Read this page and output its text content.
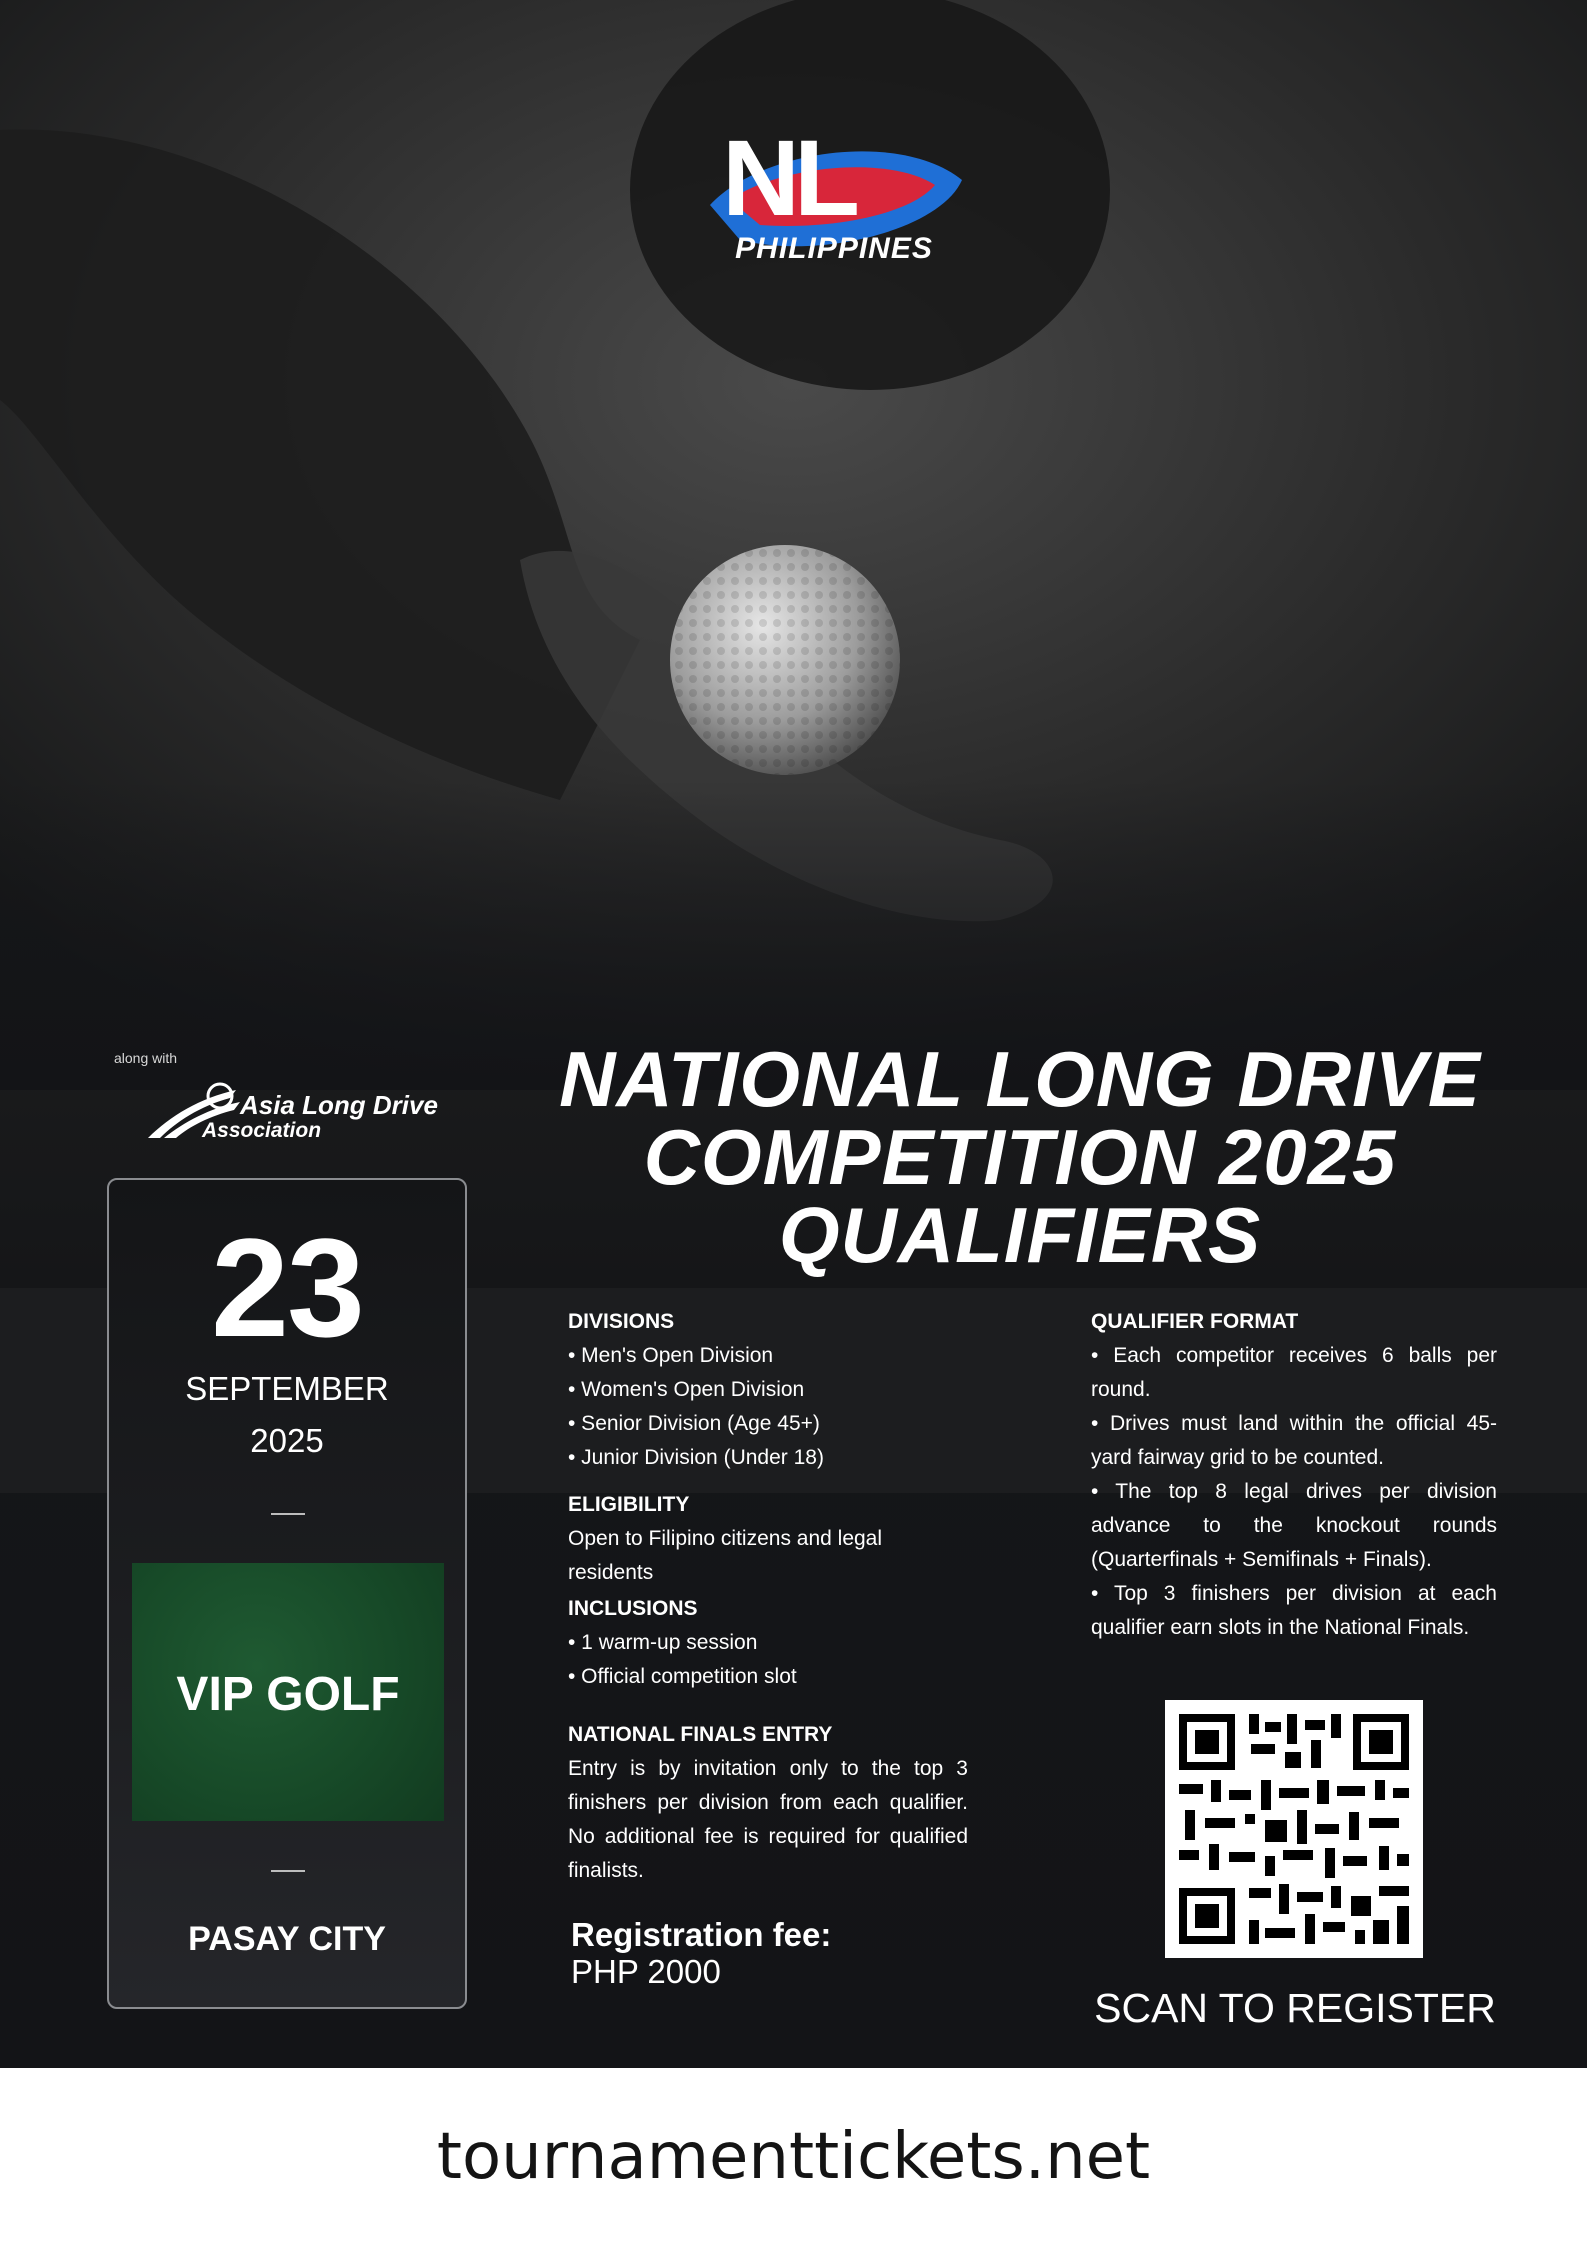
NL
PHILIPPINES
along with
Asia Long Drive
Association
23
SEPTEMBER
2025
VIP GOLF
PASAY CITY
NATIONAL LONG DRIVE
COMPETITION 2025
QUALIFIERS
DIVISIONS

• Men's Open Division

• Women's Open Division

• Senior Division (Age 45+)

• Junior Division (Under 18)

ELIGIBILITY

Open to Filipino citizens and legal residents

INCLUSIONS

• 1 warm-up session

• Official competition slot

NATIONAL FINALS ENTRY

Entry is by invitation only to the top 3 finishers per division from each qualifier. No additional fee is required for qualified finalists.

QUALIFIER FORMAT

• Each competitor receives 6 balls per round.

• Drives must land within the official 45-yard fairway grid to be counted.

• The top 8 legal drives per division advance to the knockout rounds (Quarterfinals + Semifinals + Finals).

• Top 3 finishers per division at each qualifier earn slots in the National Finals.

Registration fee:
PHP 2000
SCAN TO REGISTER
tournamenttickets.net
